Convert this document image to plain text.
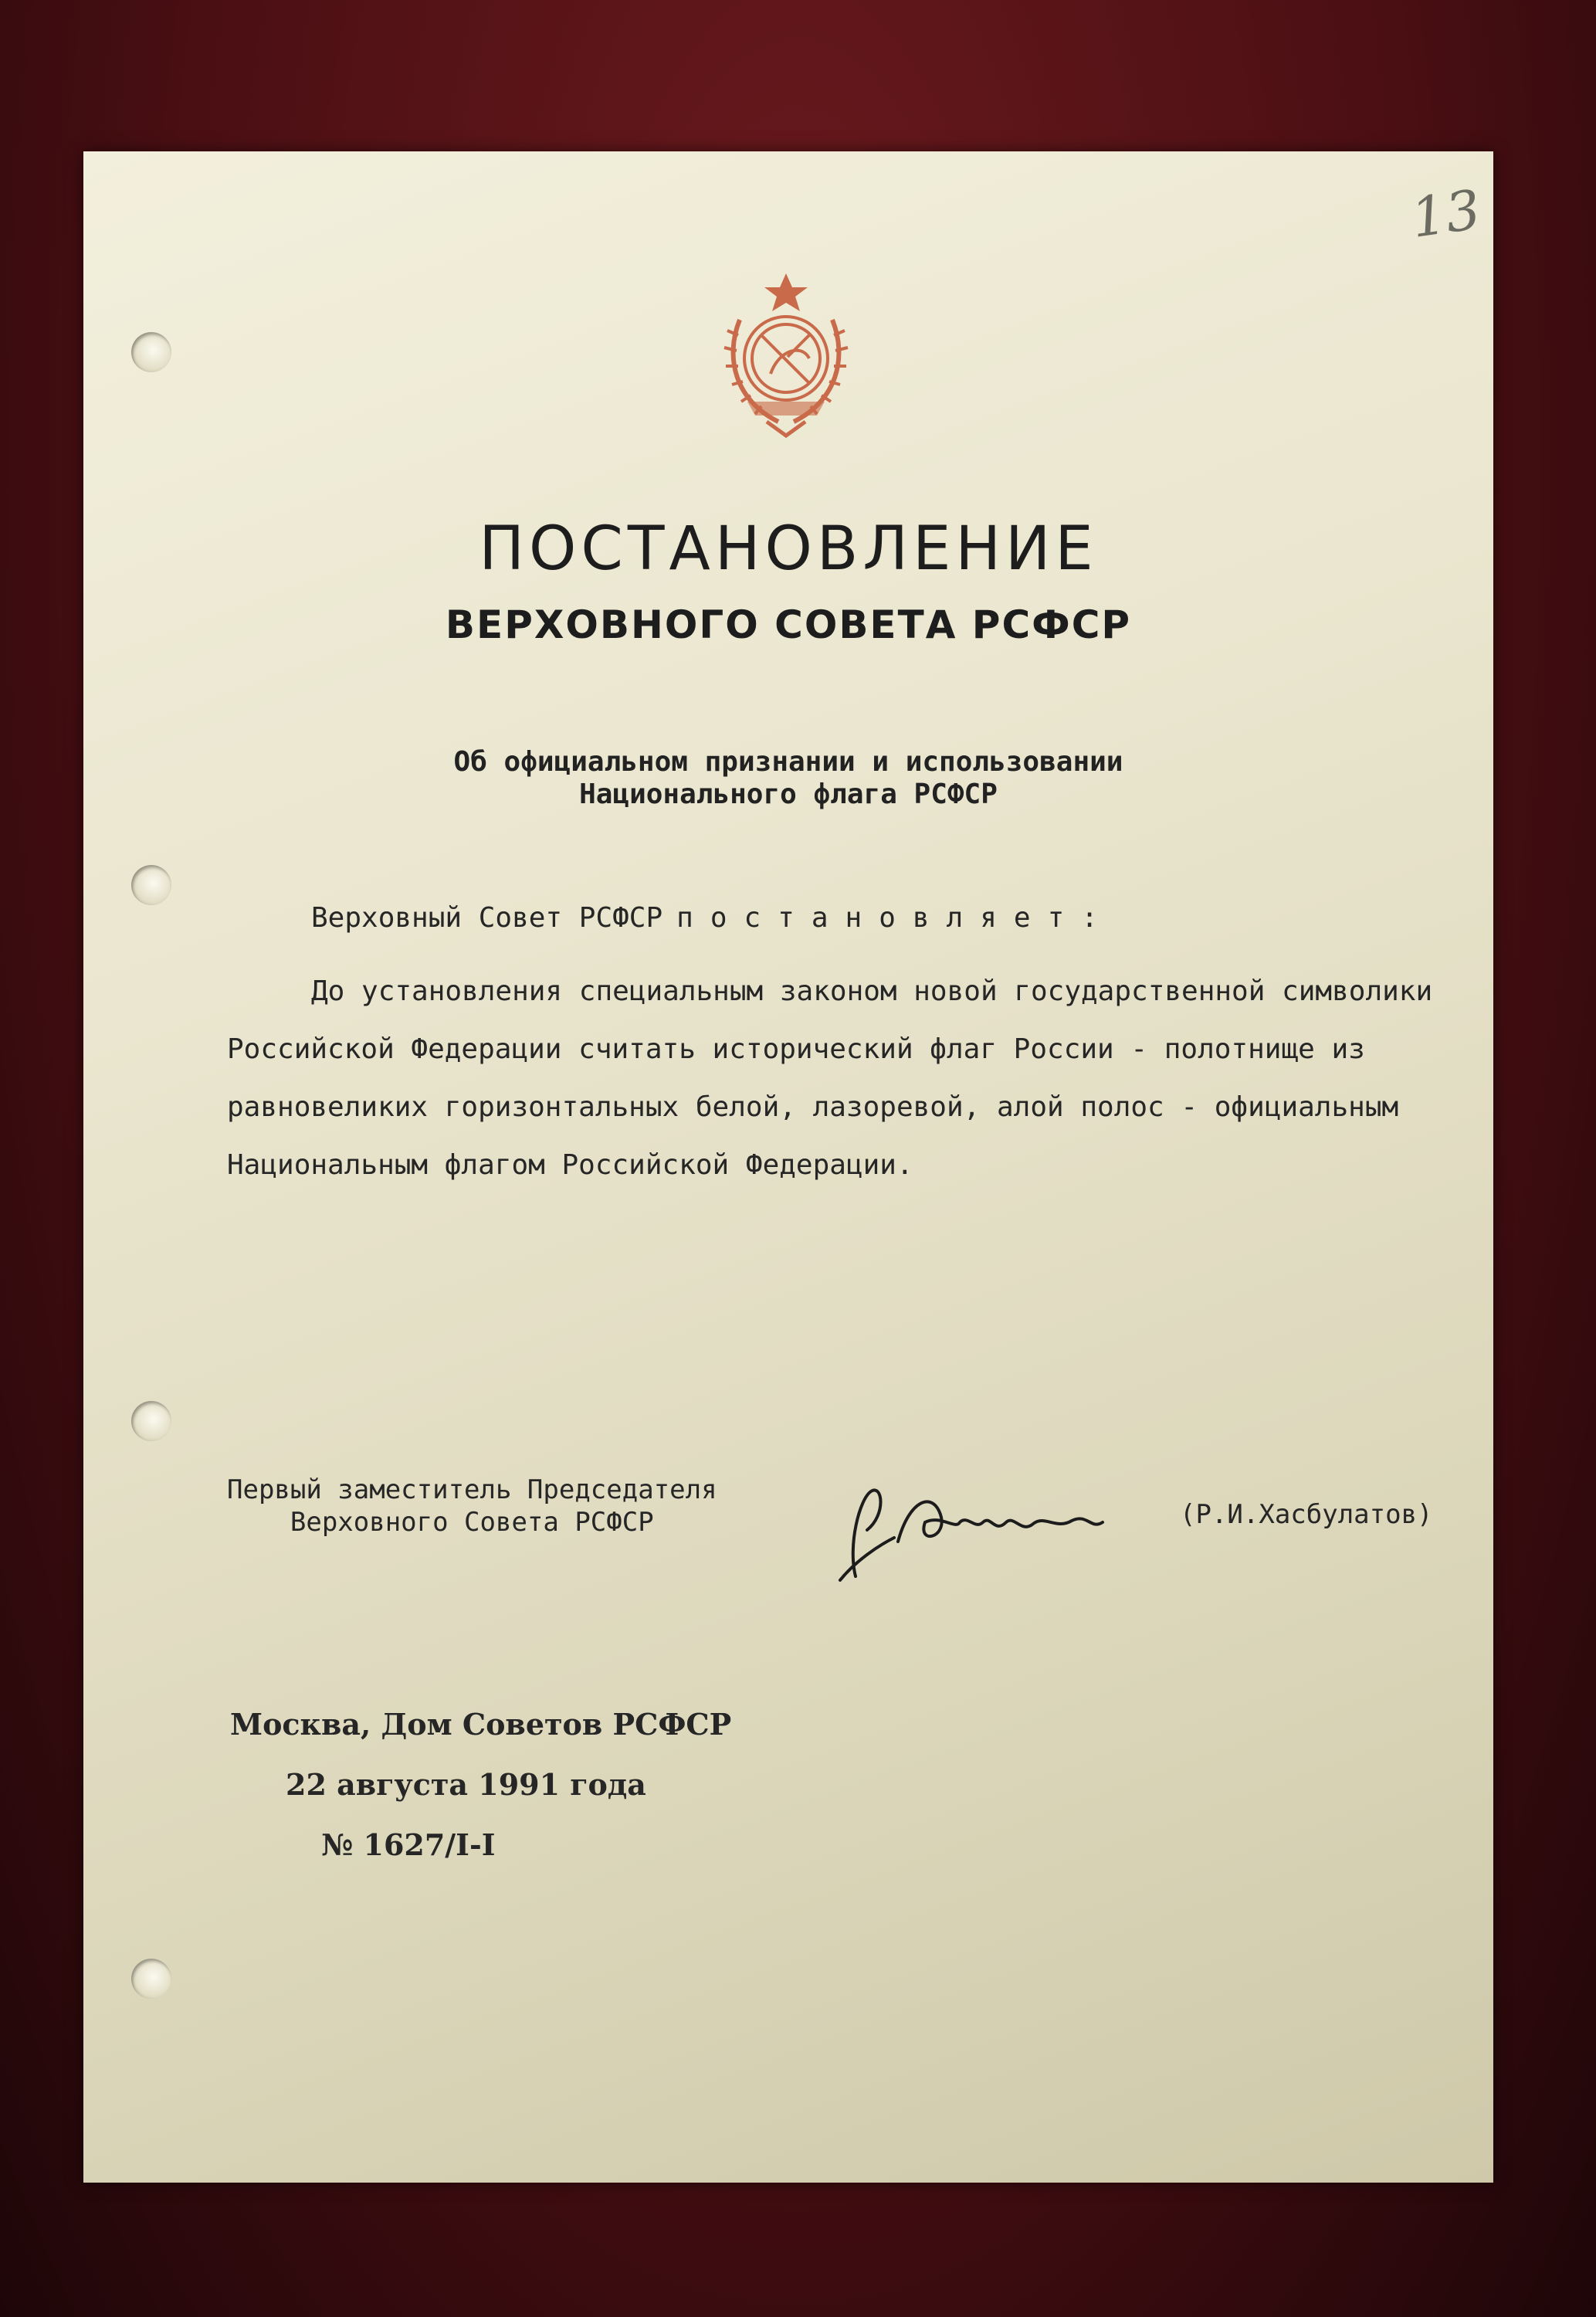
13
ПОСТАНОВЛЕНИЕ
ВЕРХОВНОГО СОВЕТА РСФСР
Об официальном признании и использовании
Национального флага РСФСР
Верховный Совет РСФСР постановляет:
До установления специальным законом новой государственной символики Российской Федерации считать исторический флаг России - полотнище из равновеликих горизонтальных белой, лазоревой, алой полос - официальным Национальным флагом Российской Федерации.
Первый заместитель Председателя
Верховного Совета РСФСР	(Р.И.Хасбулатов)
Москва, Дом Советов РСФСР
22 августа 1991 года
№ 1627/I-I
